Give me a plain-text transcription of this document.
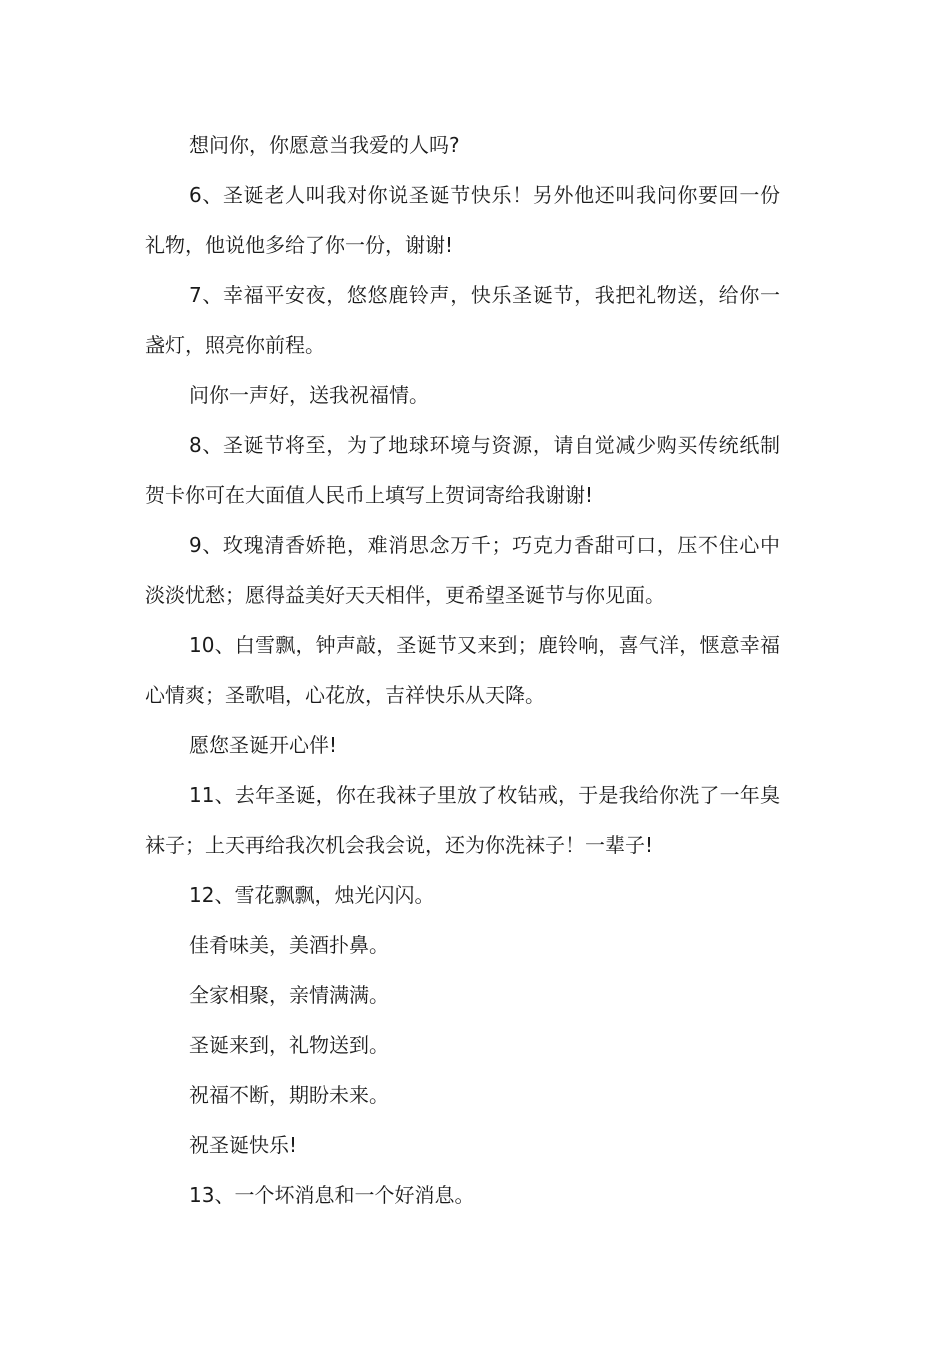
想问你，你愿意当我爱的人吗?

6、圣诞老人叫我对你说圣诞节快乐！另外他还叫我问你要回一份礼物，他说他多给了你一份，谢谢!

7、幸福平安夜，悠悠鹿铃声，快乐圣诞节，我把礼物送，给你一盏灯，照亮你前程。

问你一声好，送我祝福情。

8、圣诞节将至，为了地球环境与资源，请自觉减少购买传统纸制贺卡你可在大面值人民币上填写上贺词寄给我谢谢!

9、玫瑰清香娇艳，难消思念万千；巧克力香甜可口，压不住心中淡淡忧愁；愿得益美好天天相伴，更希望圣诞节与你见面。

10、白雪飘，钟声敲，圣诞节又来到；鹿铃响，喜气洋，惬意幸福心情爽；圣歌唱，心花放，吉祥快乐从天降。

愿您圣诞开心伴!

11、去年圣诞，你在我袜子里放了枚钻戒，于是我给你洗了一年臭袜子；上天再给我次机会我会说，还为你洗袜子！一辈子!

12、雪花飘飘，烛光闪闪。

佳肴味美，美酒扑鼻。

全家相聚，亲情满满。

圣诞来到，礼物送到。

祝福不断，期盼未来。

祝圣诞快乐!

13、一个坏消息和一个好消息。
